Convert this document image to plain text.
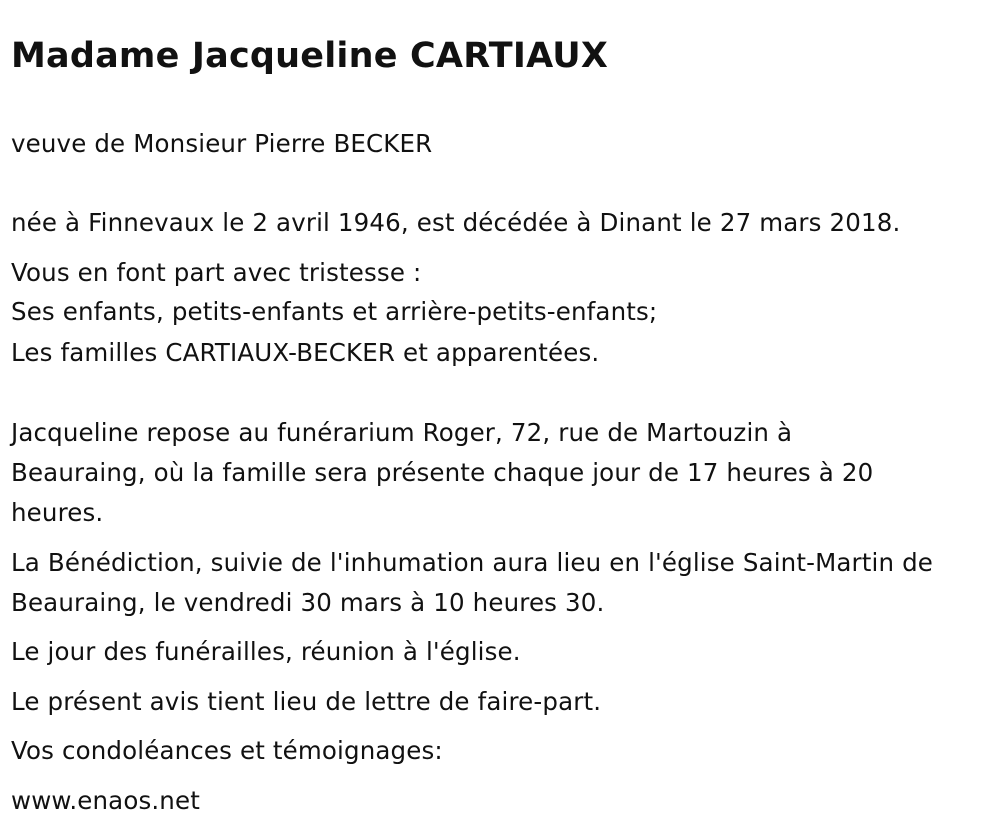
Madame Jacqueline CARTIAUX

veuve de Monsieur Pierre BECKER

née à Finnevaux le 2 avril 1946, est décédée à Dinant le 27 mars 2018.

Vous en font part avec tristesse :

Ses enfants, petits-enfants et arrière-petits-enfants;

Les familles CARTIAUX-BECKER et apparentées.

Jacqueline repose au funérarium Roger, 72, rue de Martouzin à

Beauraing, où la famille sera présente chaque jour de 17 heures à 20

heures.

La Bénédiction, suivie de l'inhumation aura lieu en l'église Saint-Martin de

Beauraing, le vendredi 30 mars à 10 heures 30.

Le jour des funérailles, réunion à l'église.

Le présent avis tient lieu de lettre de faire-part.

Vos condoléances et témoignages:

www.enaos.net
